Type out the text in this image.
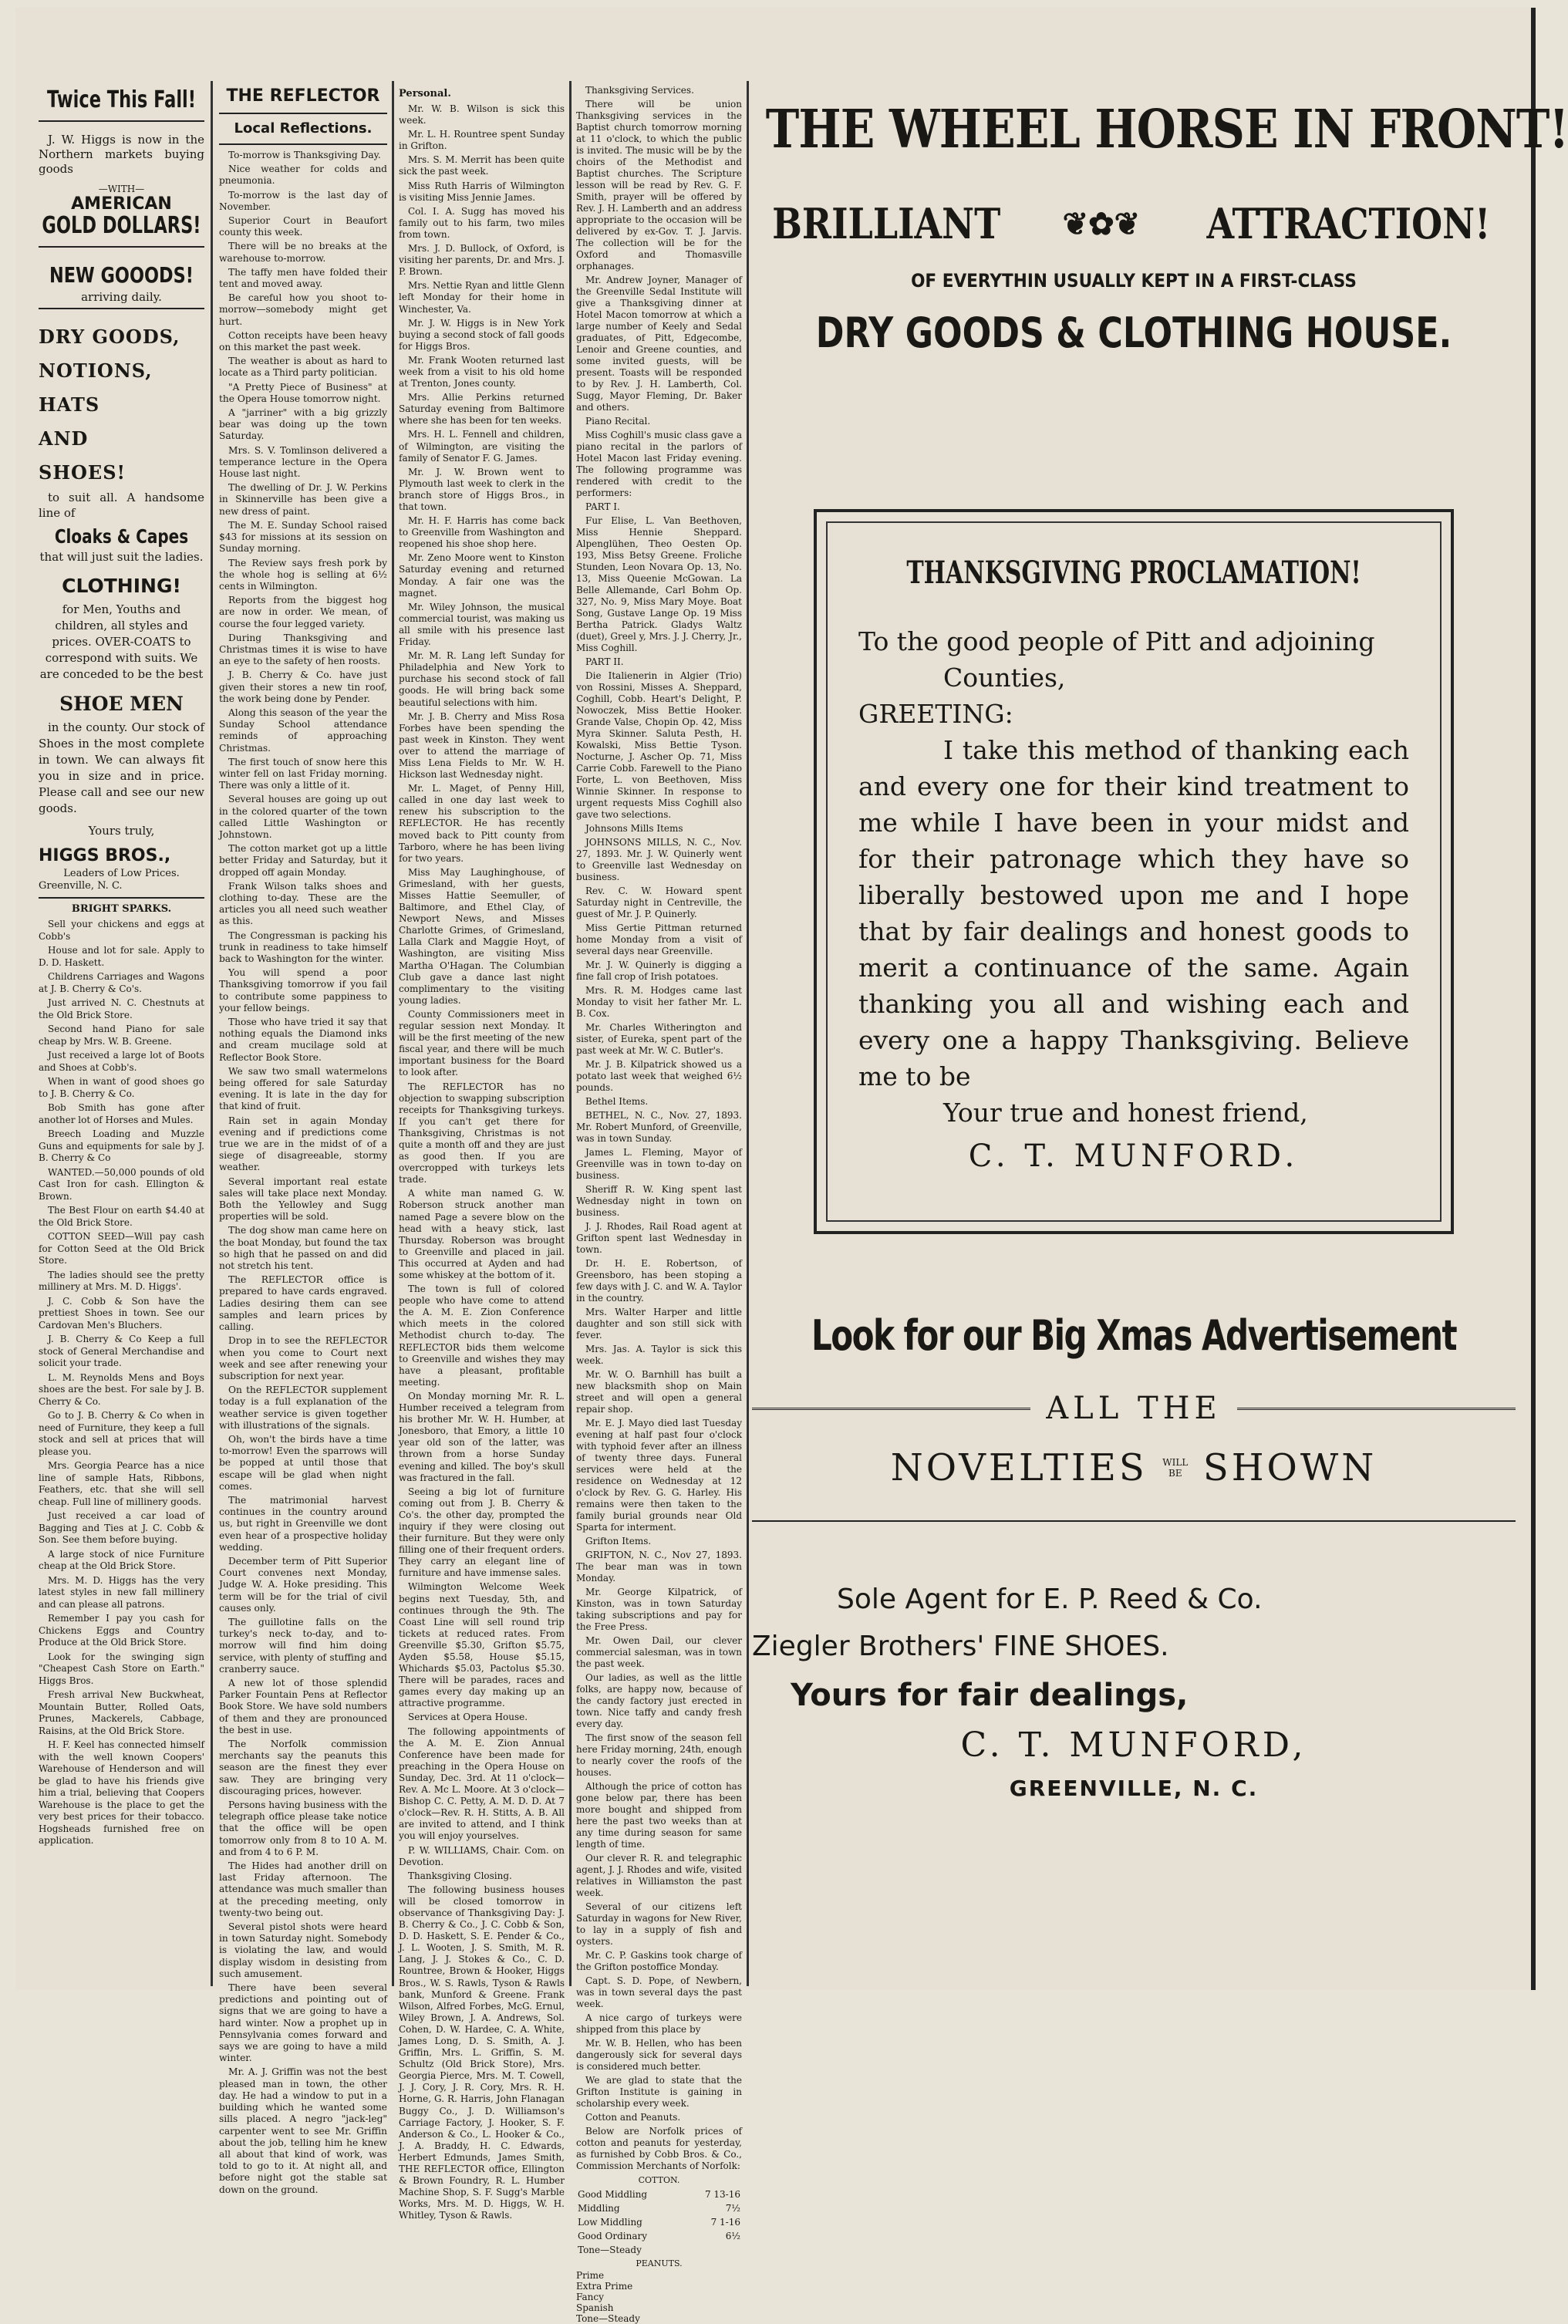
Twice This Fall!

J. W. Higgs is now in the Northern markets buying goods

—WITH—
AMERICAN
GOLD DOLLARS!
NEW GOOODS!
arriving daily.
DRY GOODS,
NOTIONS,
HATS
AND
SHOES!

to suit all. A handsome line of

Cloaks & Capes
that will just suit the ladies.
CLOTHING!

for Men, Youths and children, all styles and prices. OVER-COATS to correspond with suits. We are conceded to be the best

SHOE MEN

in the county. Our stock of Shoes in the most complete in town. We can always fit you in size and in price. Please call and see our new goods.

Yours truly,
HIGGS BROS.,
Leaders of Low Prices.
Greenville, N. C.
BRIGHT SPARKS.

Sell your chickens and eggs at Cobb's

House and lot for sale. Apply to D. D. Haskett.

Childrens Carriages and Wagons at J. B. Cherry & Co's.

Just arrived N. C. Chestnuts at the Old Brick Store.

Second hand Piano for sale cheap by Mrs. W. B. Greene.

Just received a large lot of Boots and Shoes at Cobb's.

When in want of good shoes go to J. B. Cherry & Co.

Bob Smith has gone after another lot of Horses and Mules.

Breech Loading and Muzzle Guns and equipments for sale by J. B. Cherry & Co

WANTED.—50,000 pounds of old Cast Iron for cash. Ellington & Brown.

The Best Flour on earth $4.40 at the Old Brick Store.

COTTON SEED—Will pay cash for Cotton Seed at the Old Brick Store.

The ladies should see the pretty millinery at Mrs. M. D. Higgs'.

J. C. Cobb & Son have the prettiest Shoes in town. See our Cardovan Men's Bluchers.

J. B. Cherry & Co Keep a full stock of General Merchandise and solicit your trade.

L. M. Reynolds Mens and Boys shoes are the best. For sale by J. B. Cherry & Co.

Go to J. B. Cherry & Co when in need of Furniture, they keep a full stock and sell at prices that will please you.

Mrs. Georgia Pearce has a nice line of sample Hats, Ribbons, Feathers, etc. that she will sell cheap. Full line of millinery goods.

Just received a car load of Bagging and Ties at J. C. Cobb & Son. See them before buying.

A large stock of nice Furniture cheap at the Old Brick Store.

Mrs. M. D. Higgs has the very latest styles in new fall millinery and can please all patrons.

Remember I pay you cash for Chickens Eggs and Country Produce at the Old Brick Store.

Look for the swinging sign "Cheapest Cash Store on Earth." Higgs Bros.

Fresh arrival New Buckwheat, Mountain Butter, Rolled Oats, Prunes, Mackerels, Cabbage, Raisins, at the Old Brick Store.

H. F. Keel has connected himself with the well known Coopers' Warehouse of Henderson and will be glad to have his friends give him a trial, believing that Coopers Warehouse is the place to get the very best prices for their tobacco. Hogsheads furnished free on application.

THE REFLECTOR
Local Reflections.

To-morrow is Thanksgiving Day.

Nice weather for colds and pneumonia.

To-morrow is the last day of November.

Superior Court in Beaufort county this week.

There will be no breaks at the warehouse to-morrow.

The taffy men have folded their tent and moved away.

Be careful how you shoot to-morrow—somebody might get hurt.

Cotton receipts have been heavy on this market the past week.

The weather is about as hard to locate as a Third party politician.

"A Pretty Piece of Business" at the Opera House tomorrow night.

A "jarriner" with a big grizzly bear was doing up the town Saturday.

Mrs. S. V. Tomlinson delivered a temperance lecture in the Opera House last night.

The dwelling of Dr. J. W. Perkins in Skinnerville has been give a new dress of paint.

The M. E. Sunday School raised $43 for missions at its session on Sunday morning.

The Review says fresh pork by the whole hog is selling at 6½ cents in Wilmington.

Reports from the biggest hog are now in order. We mean, of course the four legged variety.

During Thanksgiving and Christmas times it is wise to have an eye to the safety of hen roosts.

J. B. Cherry & Co. have just given their stores a new tin roof, the work being done by Pender.

Along this season of the year the Sunday School attendance reminds of approaching Christmas.

The first touch of snow here this winter fell on last Friday morning. There was only a little of it.

Several houses are going up out in the colored quarter of the town called Little Washington or Johnstown.

The cotton market got up a little better Friday and Saturday, but it dropped off again Monday.

Frank Wilson talks shoes and clothing to-day. These are the articles you all need such weather as this.

The Congressman is packing his trunk in readiness to take himself back to Washington for the winter.

You will spend a poor Thanksgiving tomorrow if you fail to contribute some pappiness to your fellow beings.

Those who have tried it say that nothing equals the Diamond inks and cream mucilage sold at Reflector Book Store.

We saw two small watermelons being offered for sale Saturday evening. It is late in the day for that kind of fruit.

Rain set in again Monday evening and if predictions come true we are in the midst of of a siege of disagreeable, stormy weather.

Several important real estate sales will take place next Monday. Both the Yellowley and Sugg properties will be sold.

The dog show man came here on the boat Monday, but found the tax so high that he passed on and did not stretch his tent.

The REFLECTOR office is prepared to have cards engraved. Ladies desiring them can see samples and learn prices by calling.

Drop in to see the REFLECTOR when you come to Court next week and see after renewing your subscription for next year.

On the REFLECTOR supplement today is a full explanation of the weather service is given together with illustrations of the signals.

Oh, won't the birds have a time to-morrow! Even the sparrows will be popped at until those that escape will be glad when night comes.

The matrimonial harvest continues in the country around us, but right in Greenville we dont even hear of a prospective holiday wedding.

December term of Pitt Superior Court convenes next Monday, Judge W. A. Hoke presiding. This term will be for the trial of civil causes only.

The guillotine falls on the turkey's neck to-day, and to-morrow will find him doing service, with plenty of stuffing and cranberry sauce.

A new lot of those splendid Parker Fountain Pens at Reflector Book Store. We have sold numbers of them and they are pronounced the best in use.

The Norfolk commission merchants say the peanuts this season are the finest they ever saw. They are bringing very discouraging prices, however.

Persons having business with the telegraph office please take notice that the office will be open tomorrow only from 8 to 10 A. M. and from 4 to 6 P. M.

The Hides had another drill on last Friday afternoon. The attendance was much smaller than at the preceding meeting, only twenty-two being out.

Several pistol shots were heard in town Saturday night. Somebody is violating the law, and would display wisdom in desisting from such amusement.

There have been several predictions and pointing out of signs that we are going to have a hard winter. Now a prophet up in Pennsylvania comes forward and says we are going to have a mild winter.

Mr. A. J. Griffin was not the best pleased man in town, the other day. He had a window to put in a building which he wanted some sills placed. A negro "jack-leg" carpenter went to see Mr. Griffin about the job, telling him he knew all about that kind of work, was told to go to it. At night all, and before night got the stable sat down on the ground.

Personal.

Mr. W. B. Wilson is sick this week.

Mr. L. H. Rountree spent Sunday in Grifton.

Mrs. S. M. Merrit has been quite sick the past week.

Miss Ruth Harris of Wilmington is visiting Miss Jennie James.

Col. I. A. Sugg has moved his family out to his farm, two miles from town.

Mrs. J. D. Bullock, of Oxford, is visiting her parents, Dr. and Mrs. J. P. Brown.

Mrs. Nettie Ryan and little Glenn left Monday for their home in Winchester, Va.

Mr. J. W. Higgs is in New York buying a second stock of fall goods for Higgs Bros.

Mr. Frank Wooten returned last week from a visit to his old home at Trenton, Jones county.

Mrs. Allie Perkins returned Saturday evening from Baltimore where she has been for ten weeks.

Mrs. H. L. Fennell and children, of Wilmington, are visiting the family of Senator F. G. James.

Mr. J. W. Brown went to Plymouth last week to clerk in the branch store of Higgs Bros., in that town.

Mr. H. F. Harris has come back to Greenville from Washington and reopened his shoe shop here.

Mr. Zeno Moore went to Kinston Saturday evening and returned Monday. A fair one was the magnet.

Mr. Wiley Johnson, the musical commercial tourist, was making us all smile with his presence last Friday.

Mr. M. R. Lang left Sunday for Philadelphia and New York to purchase his second stock of fall goods. He will bring back some beautiful selections with him.

Mr. J. B. Cherry and Miss Rosa Forbes have been spending the past week in Kinston. They went over to attend the marriage of Miss Lena Fields to Mr. W. H. Hickson last Wednesday night.

Mr. L. Maget, of Penny Hill, called in one day last week to renew his subscription to the REFLECTOR. He has recently moved back to Pitt county from Tarboro, where he has been living for two years.

Miss May Laughinghouse, of Grimesland, with her guests, Misses Hattie Seemuller, of Baltimore, and Ethel Clay, of Newport News, and Misses Charlotte Grimes, of Grimesland, Lalla Clark and Maggie Hoyt, of Washington, are visiting Miss Martha O'Hagan. The Columbian Club gave a dance last night complimentary to the visiting young ladies.

County Commissioners meet in regular session next Monday. It will be the first meeting of the new fiscal year, and there will be much important business for the Board to look after.

The REFLECTOR has no objection to swapping subscription receipts for Thanksgiving turkeys. If you can't get there for Thanksgiving, Christmas is not quite a month off and they are just as good then. If you are overcropped with turkeys lets trade.

A white man named G. W. Roberson struck another man named Page a severe blow on the head with a heavy stick, last Thursday. Roberson was brought to Greenville and placed in jail. This occurred at Ayden and had some whiskey at the bottom of it.

The town is full of colored people who have come to attend the A. M. E. Zion Conference which meets in the colored Methodist church to-day. The REFLECTOR bids them welcome to Greenville and wishes they may have a pleasant, profitable meeting.

On Monday morning Mr. R. L. Humber received a telegram from his brother Mr. W. H. Humber, at Jonesboro, that Emory, a little 10 year old son of the latter, was thrown from a horse Sunday evening and killed. The boy's skull was fractured in the fall.

Seeing a big lot of furniture coming out from J. B. Cherry & Co's. the other day, prompted the inquiry if they were closing out their furniture. But they were only filling one of their frequent orders. They carry an elegant line of furniture and have immense sales.

Wilmington Welcome Week begins next Tuesday, 5th, and continues through the 9th. The Coast Line will sell round trip tickets at reduced rates. From Greenville $5.30, Grifton $5.75, Ayden $5.58, House $5.15, Whichards $5.03, Pactolus $5.30. There will be parades, races and games every day making up an attractive programme.

Services at Opera House.

The following appointments of the A. M. E. Zion Annual Conference have been made for preaching in the Opera House on Sunday, Dec. 3rd. At 11 o'clock—Rev. A. Mc L. Moore. At 3 o'clock—Bishop C. C. Petty, A. M. D. D. At 7 o'clock—Rev. R. H. Stitts, A. B. All are invited to attend, and I think you will enjoy yourselves.

P. W. WILLIAMS, Chair. Com. on Devotion.

Thanksgiving Closing.

The following business houses will be closed tomorrow in observance of Thanksgiving Day: J. B. Cherry & Co., J. C. Cobb & Son, D. D. Haskett, S. E. Pender & Co., J. L. Wooten, J. S. Smith, M. R. Lang, J. J. Stokes & Co., C. D. Rountree, Brown & Hooker, Higgs Bros., W. S. Rawls, Tyson & Rawls bank, Munford & Greene. Frank Wilson, Alfred Forbes, McG. Ernul, Wiley Brown, J. A. Andrews, Sol. Cohen, D. W. Hardee, C. A. White, James Long, D. S. Smith, A. J. Griffin, Mrs. L. Griffin, S. M. Schultz (Old Brick Store), Mrs. Georgia Pierce, Mrs. M. T. Cowell, J. J. Cory, J. R. Cory, Mrs. R. H. Horne, G. R. Harris, John Flanagan Buggy Co., J. D. Williamson's Carriage Factory, J. Hooker, S. F. Anderson & Co., L. Hooker & Co., J. A. Braddy, H. C. Edwards, Herbert Edmunds, James Smith, THE REFLECTOR office, Ellington & Brown Foundry, R. L. Humber Machine Shop, S. F. Sugg's Marble Works, Mrs. M. D. Higgs, W. H. Whitley, Tyson & Rawls.

Thanksgiving Services.

There will be union Thanksgiving services in the Baptist church tomorrow morning at 11 o'clock, to which the public is invited. The music will be by the choirs of the Methodist and Baptist churches. The Scripture lesson will be read by Rev. G. F. Smith, prayer will be offered by Rev. J. H. Lamberth and an address appropriate to the occasion will be delivered by ex-Gov. T. J. Jarvis. The collection will be for the Oxford and Thomasville orphanages.

Mr. Andrew Joyner, Manager of the Greenville Sedal Institute will give a Thanksgiving dinner at Hotel Macon tomorrow at which a large number of Keely and Sedal graduates, of Pitt, Edgecombe, Lenoir and Greene counties, and some invited guests, will be present. Toasts will be responded to by Rev. J. H. Lamberth, Col. Sugg, Mayor Fleming, Dr. Baker and others.

Piano Recital.

Miss Coghill's music class gave a piano recital in the parlors of Hotel Macon last Friday evening. The following programme was rendered with credit to the performers:

PART I.

Fur Elise, L. Van Beethoven, Miss Hennie Sheppard. Alpenglühen, Theo Oesten Op. 193, Miss Betsy Greene. Froliche Stunden, Leon Novara Op. 13, No. 13, Miss Queenie McGowan. La Belle Allemande, Carl Bohm Op. 327, No. 9, Miss Mary Moye. Boat Song, Gustave Lange Op. 19 Miss Bertha Patrick. Gladys Waltz (duet), Greel y, Mrs. J. J. Cherry, Jr., Miss Coghill.

PART II.

Die Italienerin in Algier (Trio) von Rossini, Misses A. Sheppard, Coghill, Cobb. Heart's Delight, P. Nowoczek, Miss Bettie Hooker. Grande Valse, Chopin Op. 42, Miss Myra Skinner. Saluta Pesth, H. Kowalski, Miss Bettie Tyson. Nocturne, J. Ascher Op. 71, Miss Carrie Cobb. Farewell to the Piano Forte, L. von Beethoven, Miss Winnie Skinner. In response to urgent requests Miss Coghill also gave two selections.

Johnsons Mills Items

JOHNSONS MILLS, N. C., Nov. 27, 1893. Mr. J. W. Quinerly went to Greenville last Wednesday on business.

Rev. C. W. Howard spent Saturday night in Centreville, the guest of Mr. J. P. Quinerly.

Miss Gertie Pittman returned home Monday from a visit of several days near Greenville.

Mr. J. W. Quinerly is digging a fine fall crop of Irish potatoes.

Mrs. R. M. Hodges came last Monday to visit her father Mr. L. B. Cox.

Mr. Charles Witherington and sister, of Eureka, spent part of the past week at Mr. W. C. Butler's.

Mr. J. B. Kilpatrick showed us a potato last week that weighed 6½ pounds.

Bethel Items.

BETHEL, N. C., Nov. 27, 1893. Mr. Robert Munford, of Greenville, was in town Sunday.

James L. Fleming, Mayor of Greenville was in town to-day on business.

Sheriff R. W. King spent last Wednesday night in town on business.

J. J. Rhodes, Rail Road agent at Grifton spent last Wednesday in town.

Dr. H. E. Robertson, of Greensboro, has been stoping a few days with J. C. and W. A. Taylor in the country.

Mrs. Walter Harper and little daughter and son still sick with fever.

Mrs. Jas. A. Taylor is sick this week.

Mr. W. O. Barnhill has built a new blacksmith shop on Main street and will open a general repair shop.

Mr. E. J. Mayo died last Tuesday evening at half past four o'clock with typhoid fever after an illness of twenty three days. Funeral services were held at the residence on Wednesday at 12 o'clock by Rev. G. G. Harley. His remains were then taken to the family burial grounds near Old Sparta for interment.

Grifton Items.

GRIFTON, N. C., Nov 27, 1893. The bear man was in town Monday.

Mr. George Kilpatrick, of Kinston, was in town Saturday taking subscriptions and pay for the Free Press.

Mr. Owen Dail, our clever commercial salesman, was in town the past week.

Our ladies, as well as the little folks, are happy now, because of the candy factory just erected in town. Nice taffy and candy fresh every day.

The first snow of the season fell here Friday morning, 24th, enough to nearly cover the roofs of the houses.

Although the price of cotton has gone below par, there has been more bought and shipped from here the past two weeks than at any time during season for same length of time.

Our clever R. R. and telegraphic agent, J. J. Rhodes and wife, visited relatives in Williamston the past week.

Several of our citizens left Saturday in wagons for New River, to lay in a supply of fish and oysters.

Mr. C. P. Gaskins took charge of the Grifton postoffice Monday.

Capt. S. D. Pope, of Newbern, was in town several days the past week.

A nice cargo of turkeys were shipped from this place by

Mr. W. B. Hellen, who has been dangerously sick for several days is considered much better.

We are glad to state that the Grifton Institute is gaining in scholarship every week.

Cotton and Peanuts.

Below are Norfolk prices of cotton and peanuts for yesterday, as furnished by Cobb Bros. & Co., Commission Merchants of Norfolk:

COTTON.
Good Middling	7 13-16
Middling	7½
Low Middling	7 1-16
Good Ordinary	6½
Tone—Steady	
PEANUTS.
Prime
Extra Prime
Fancy
Spanish
Tone—Steady
THE WHEEL HORSE IN FRONT!
BRILLIANT ❦✿❦ ATTRACTION!
OF EVERYTHIN USUALLY KEPT IN A FIRST-CLASS
DRY GOODS & CLOTHING HOUSE.
THANKSGIVING PROCLAMATION!
To the good people of Pitt and adjoining
Counties,
GREETING:
I take this method of thanking each and every one for their kind treatment to me while I have been in your midst and for their patronage which they have so liberally bestowed upon me and I hope that by fair dealings and honest goods to merit a continuance of the same. Again thanking you all and wishing each and every one a happy Thanksgiving. Believe me to be
Your true and honest friend,
C. T. MUNFORD.
Look for our Big Xmas Advertisement
ALL THE
NOVELTIES WILL BE SHOWN
Sole Agent for E. P. Reed & Co.
Ziegler Brothers' FINE SHOES.
Yours for fair dealings,
C. T. MUNFORD,
GREENVILLE, N. C.
